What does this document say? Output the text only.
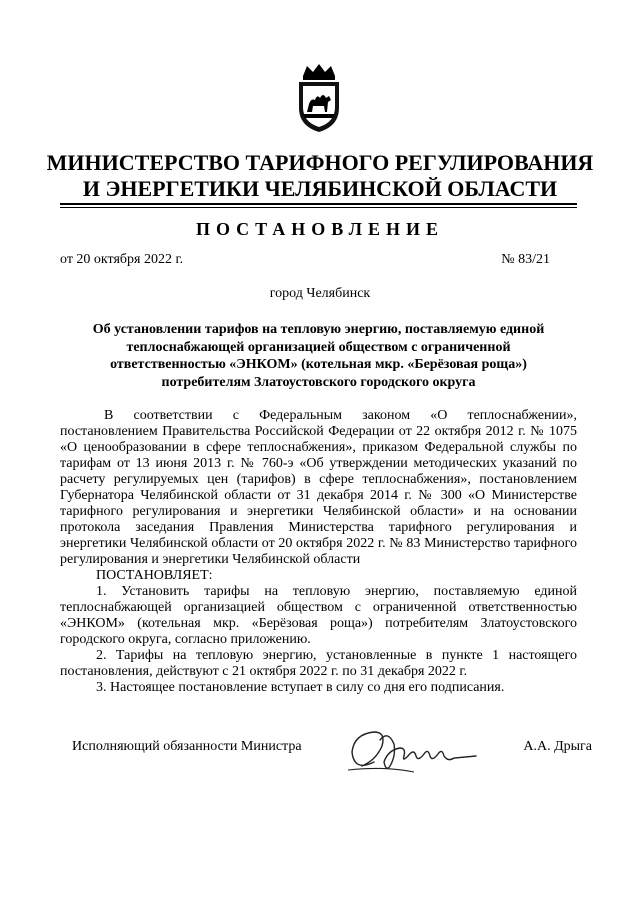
МИНИСТЕРСТВО ТАРИФНОГО РЕГУЛИРОВАНИЯ
И ЭНЕРГЕТИКИ ЧЕЛЯБИНСКОЙ ОБЛАСТИ
ПОСТАНОВЛЕНИЕ
от 20 октября 2022 г.	№ 83/21
город Челябинск
Об установлении тарифов на тепловую энергию, поставляемую единой
теплоснабжающей организацией обществом с ограниченной
ответственностью «ЭНКОМ» (котельная мкр. «Берёзовая роща»)
потребителям Златоустовского городского округа

В соответствии с Федеральным законом «О теплоснабжении», постановлением Правительства Российской Федерации от 22 октября 2012 г. № 1075 «О ценообразовании в сфере теплоснабжения», приказом Федеральной службы по тарифам от 13 июня 2013 г. № 760-э «Об утверждении методических указаний по расчету регулируемых цен (тарифов) в сфере теплоснабжения», постановлением Губернатора Челябинской области от 31 декабря 2014 г. № 300 «О Министерстве тарифного регулирования и энергетики Челябинской области» и на основании протокола заседания Правления Министерства тарифного регулирования и энергетики Челябинской области от 20 октября 2022 г. № 83 Министерство тарифного регулирования и энергетики Челябинской области

ПОСТАНОВЛЯЕТ:

1. Установить тарифы на тепловую энергию, поставляемую единой теплоснабжающей организацией обществом с ограниченной ответственностью «ЭНКОМ» (котельная мкр. «Берёзовая роща») потребителям Златоустовского городского округа, согласно приложению.

2. Тарифы на тепловую энергию, установленные в пункте 1 настоящего постановления, действуют с 21 октября 2022 г. по 31 декабря 2022 г.

3. Настоящее постановление вступает в силу со дня его подписания.

Исполняющий обязанности Министра	А.А. Дрыга
